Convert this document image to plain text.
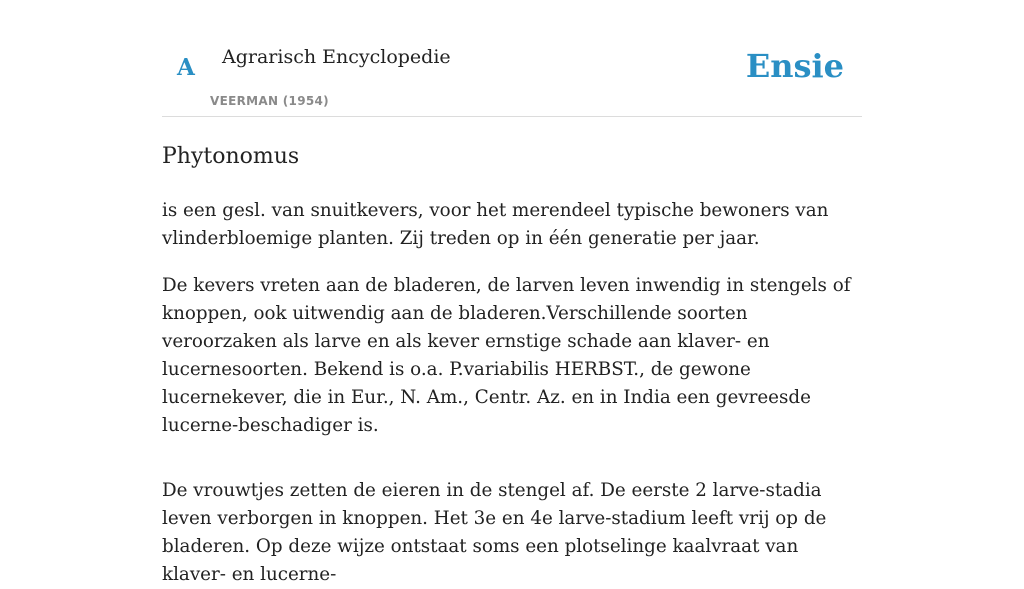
A Agrarisch Encyclopedie
VEERMAN (1954)
Ensie
Phytonomus

is een gesl. van snuitkevers, voor het merendeel typische bewoners van vlinderbloemige planten. Zij treden op in één generatie per jaar.

De kevers vreten aan de bladeren, de larven leven inwendig in stengels of knoppen, ook uitwendig aan de bladeren.Verschillende soorten veroorzaken als larve en als kever ernstige schade aan klaver- en lucernesoorten. Bekend is o.a. P.variabilis HERBST., de gewone lucernekever, die in Eur., N. Am., Centr. Az. en in India een gevreesde lucerne-beschadiger is.

De vrouwtjes zetten de eieren in de stengel af. De eerste 2 larve-stadia leven verborgen in knoppen. Het 3e en 4e larve-stadium leeft vrij op de bladeren. Op deze wijze ontstaat soms een plotselinge kaalvraat van klaver- en lucerne-
